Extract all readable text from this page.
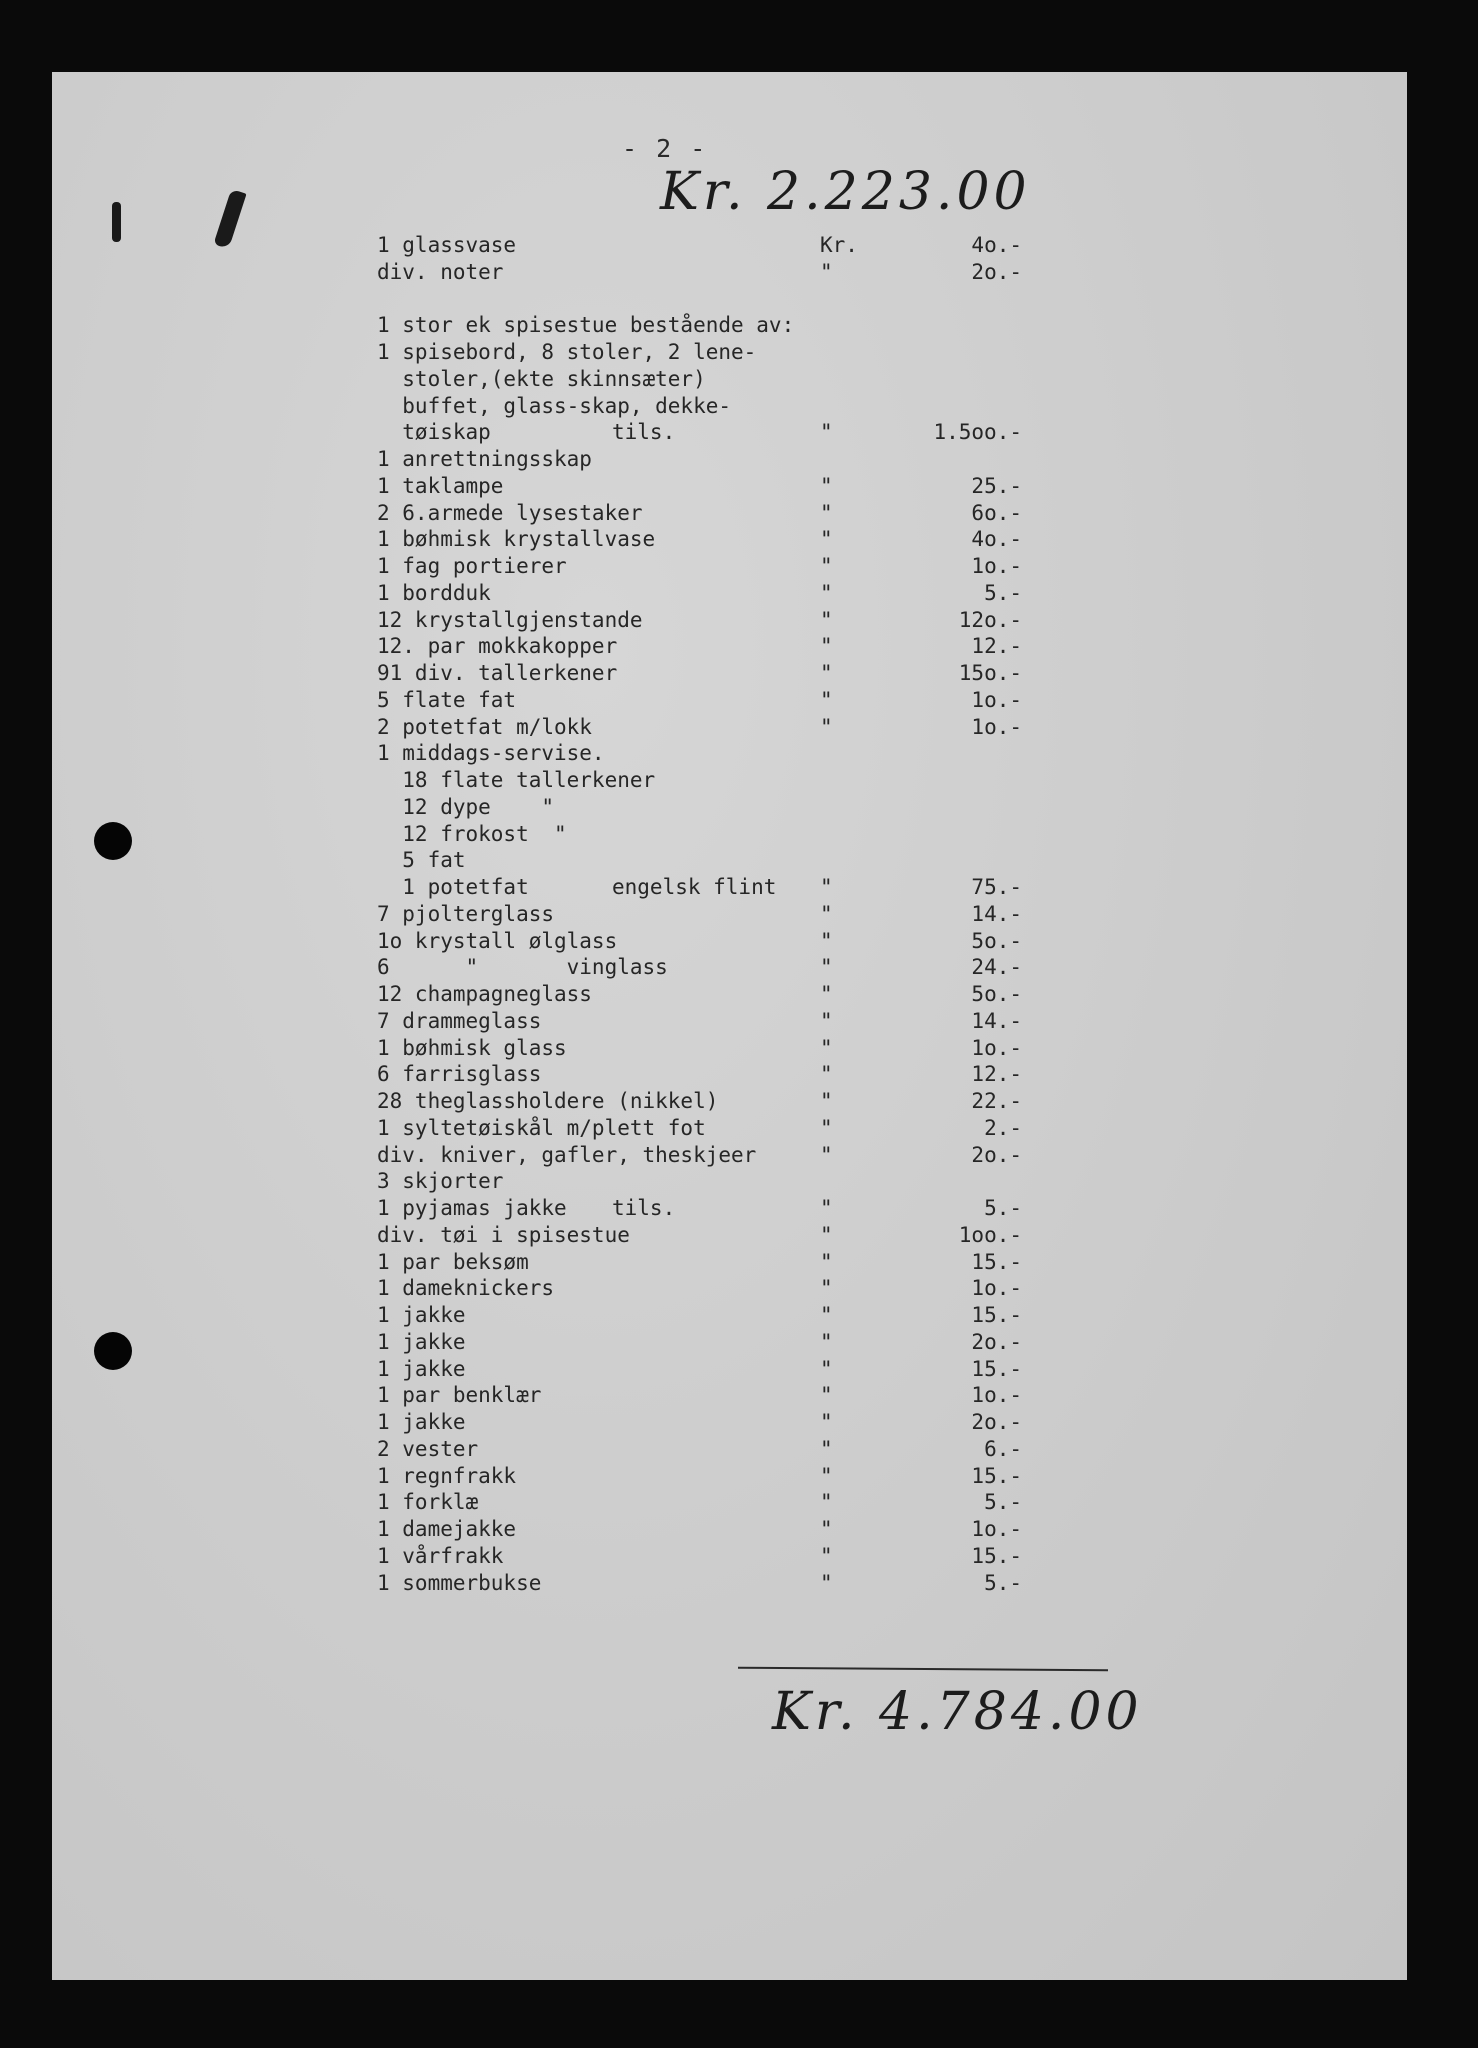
- 2 -
Kr. 2.223.00
1 glassvase	Kr.	4o.-
div. noter	"	2o.-
1 stor ek spisestue bestående av:
1 spisebord, 8 stoler, 2 lene-
stoler,(ekte skinnsæter)
buffet, glass-skap, dekke-
tøiskap	tils.	"	1.5oo.-
1 anrettningsskap
1 taklampe	"	25.-
2 6.armede lysestaker	"	6o.-
1 bøhmisk krystallvase	"	4o.-
1 fag portierer	"	1o.-
1 bordduk	"	5.-
12 krystallgjenstande	"	12o.-
12. par mokkakopper	"	12.-
91 div. tallerkener	"	15o.-
5 flate fat	"	1o.-
2 potetfat m/lokk	"	1o.-
1 middags-servise.
18 flate tallerkener
12 dype    "
12 frokost  "
5 fat
1 potetfat	engelsk flint "	75.-
7 pjolterglass	"	14.-
1o krystall ølglass	"	5o.-
6      "       vinglass	"	24.-
12 champagneglass	"	5o.-
7 drammeglass	"	14.-
1 bøhmisk glass	"	1o.-
6 farrisglass	"	12.-
28 theglassholdere (nikkel)	"	22.-
1 syltetøiskål m/plett fot	"	2.-
div. kniver, gafler, theskjeer	"	2o.-
3 skjorter
1 pyjamas jakke tils.	"	5.-
div. tøi i spisestue	"	1oo.-
1 par beksøm	"	15.-
1 dameknickers	"	1o.-
1 jakke	"	15.-
1 jakke	"	2o.-
1 jakke	"	15.-
1 par benklær	"	1o.-
1 jakke	"	2o.-
2 vester	"	6.-
1 regnfrakk	"	15.-
1 forklæ	"	5.-
1 damejakke	"	1o.-
1 vårfrakk	"	15.-
1 sommerbukse	"	5.-
Kr. 4.784.00
